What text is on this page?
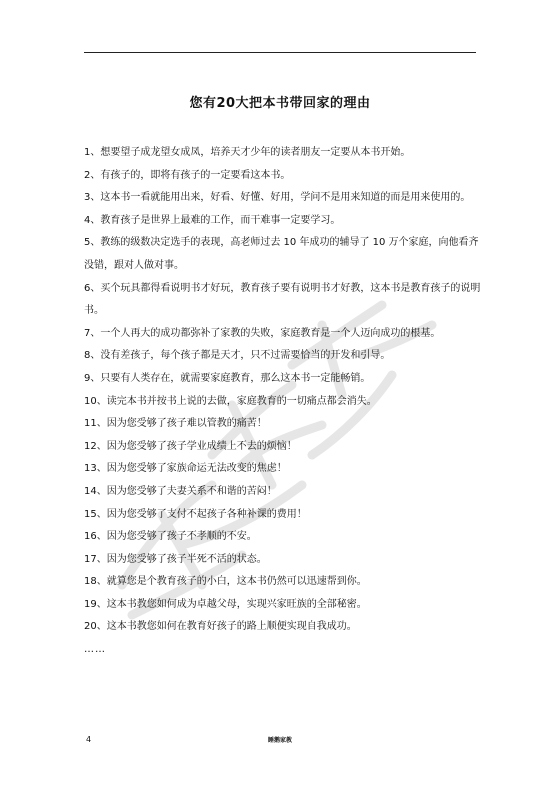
您有20大把本书带回家的理由
1、想要望子成龙望女成凤，培养天才少年的读者朋友一定要从本书开始。
2、有孩子的，即将有孩子的一定要看这本书。
3、这本书一看就能用出来，好看、好懂、好用，学问不是用来知道的而是用来使用的。
4、教育孩子是世界上最难的工作，而干难事一定要学习。
5、教练的级数决定选手的表现，高老师过去 10 年成功的辅导了 10 万个家庭，向他看齐没错，跟对人做对事。
6、买个玩具都得看说明书才好玩，教育孩子要有说明书才好教，这本书是教育孩子的说明书。
7、一个人再大的成功都弥补了家教的失败，家庭教育是一个人迈向成功的根基。
8、没有差孩子，每个孩子都是天才，只不过需要恰当的开发和引导。
9、只要有人类存在，就需要家庭教育，那么这本书一定能畅销。
10、读完本书并按书上说的去做，家庭教育的一切痛点都会消失。
11、因为您受够了孩子难以管教的痛苦！
12、因为您受够了孩子学业成绩上不去的烦恼！
13、因为您受够了家族命运无法改变的焦虑！
14、因为您受够了夫妻关系不和谐的苦闷！
15、因为您受够了支付不起孩子各种补课的费用！
16、因为您受够了孩子不孝顺的不安。
17、因为您受够了孩子半死不活的状态。
18、就算您是个教育孩子的小白，这本书仍然可以迅速帮到你。
19、这本书教您如何成为卓越父母，实现兴家旺族的全部秘密。
20、这本书教您如何在教育好孩子的路上顺便实现自我成功。
……
4	睡鹅家教
